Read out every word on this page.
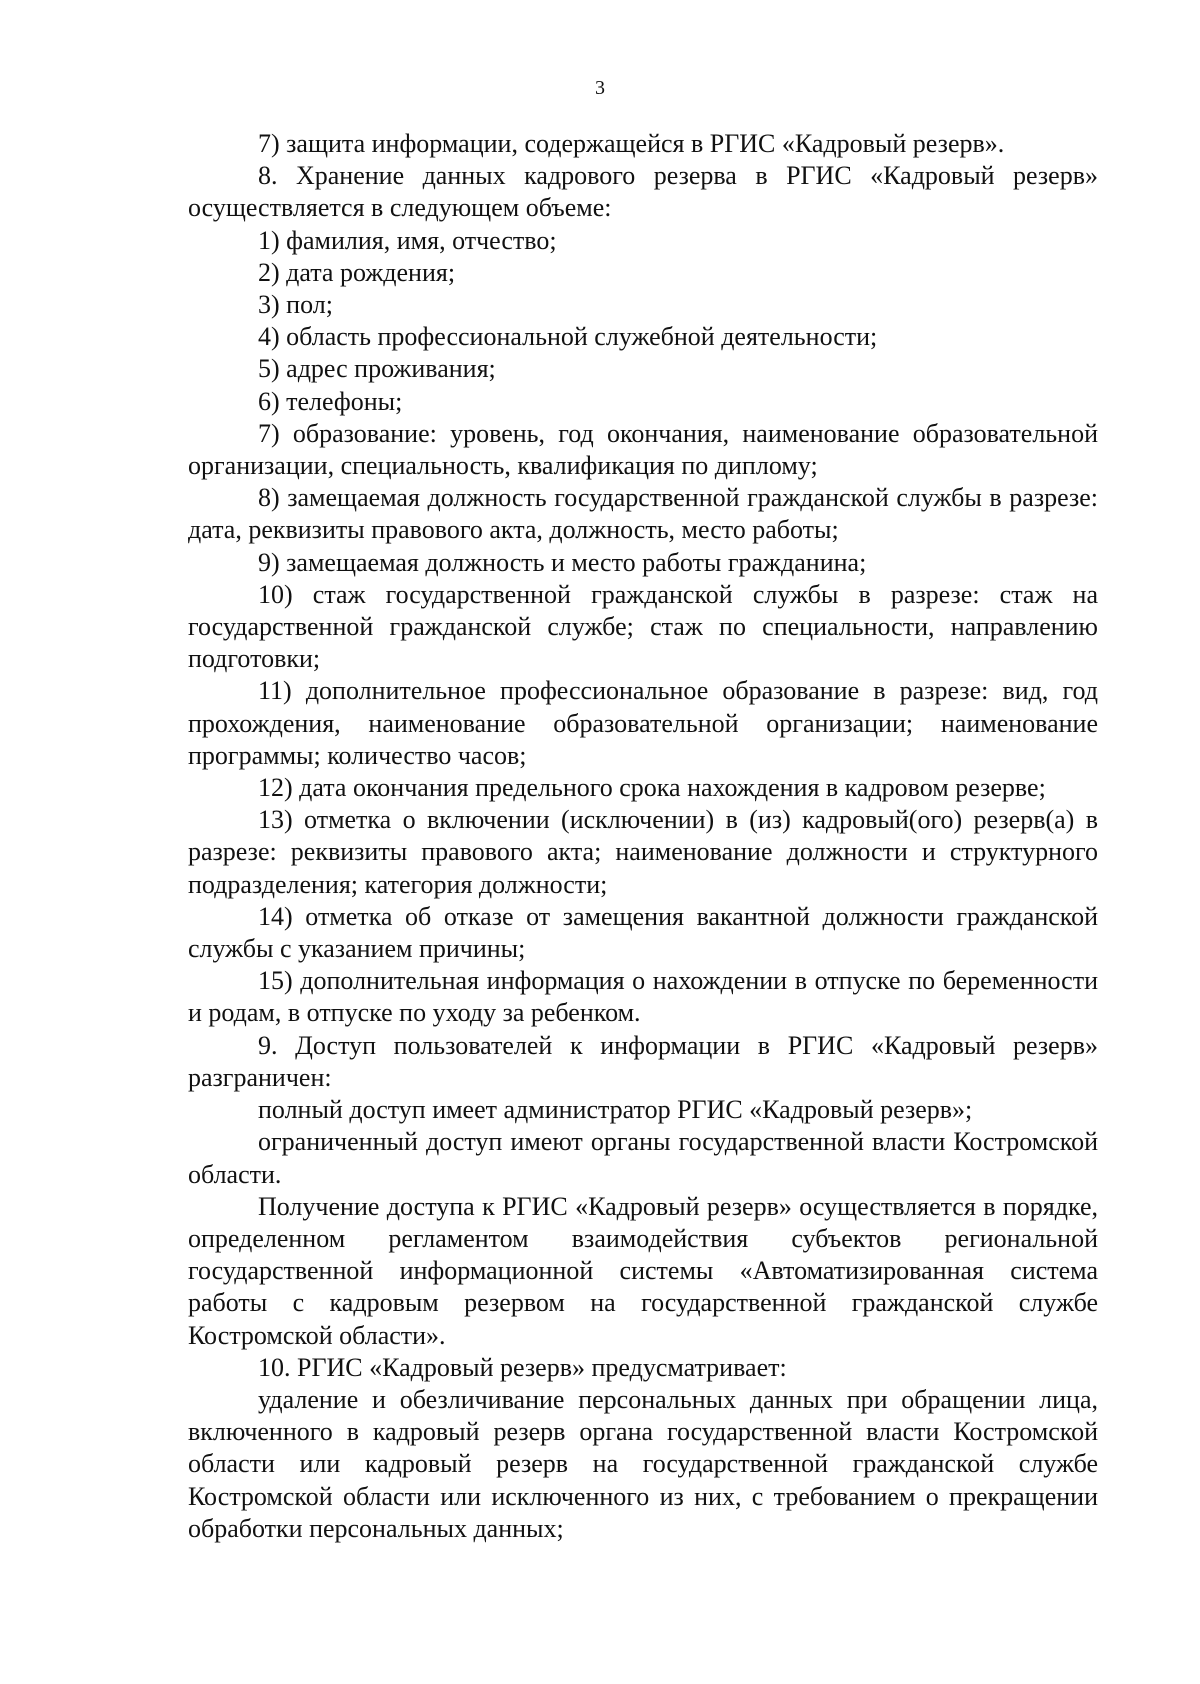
3

7) защита информации, содержащейся в РГИС «Кадровый резерв».

8. Хранение данных кадрового резерва в РГИС «Кадровый резерв» осуществляется в следующем объеме:

1) фамилия, имя, отчество;

2) дата рождения;

3) пол;

4) область профессиональной служебной деятельности;

5) адрес проживания;

6) телефоны;

7) образование: уровень, год окончания, наименование образовательной организации, специальность, квалификация по диплому;

8) замещаемая должность государственной гражданской службы в разрезе: дата, реквизиты правового акта, должность, место работы;

9) замещаемая должность и место работы гражданина;

10) стаж государственной гражданской службы в разрезе: стаж на государственной гражданской службе; стаж по специальности, направлению подготовки;

11) дополнительное профессиональное образование в разрезе: вид, год прохождения, наименование образовательной организации; наименование программы; количество часов;

12) дата окончания предельного срока нахождения в кадровом резерве;

13) отметка о включении (исключении) в (из) кадровый(ого) резерв(а) в разрезе: реквизиты правового акта; наименование должности и структурного подразделения; категория должности;

14) отметка об отказе от замещения вакантной должности гражданской службы с указанием причины;

15) дополнительная информация о нахождении в отпуске по беременности и родам, в отпуске по уходу за ребенком.

9. Доступ пользователей к информации в РГИС «Кадровый резерв» разграничен:

полный доступ имеет администратор РГИС «Кадровый резерв»;

ограниченный доступ имеют органы государственной власти Костромской области.

Получение доступа к РГИС «Кадровый резерв» осуществляется в порядке, определенном регламентом взаимодействия субъектов региональной государственной информационной системы «Автоматизированная система работы с кадровым резервом на государственной гражданской службе Костромской области».

10. РГИС «Кадровый резерв» предусматривает:

удаление и обезличивание персональных данных при обращении лица, включенного в кадровый резерв органа государственной власти Костромской области или кадровый резерв на государственной гражданской службе Костромской области или исключенного из них, с требованием о прекращении обработки персональных данных;
